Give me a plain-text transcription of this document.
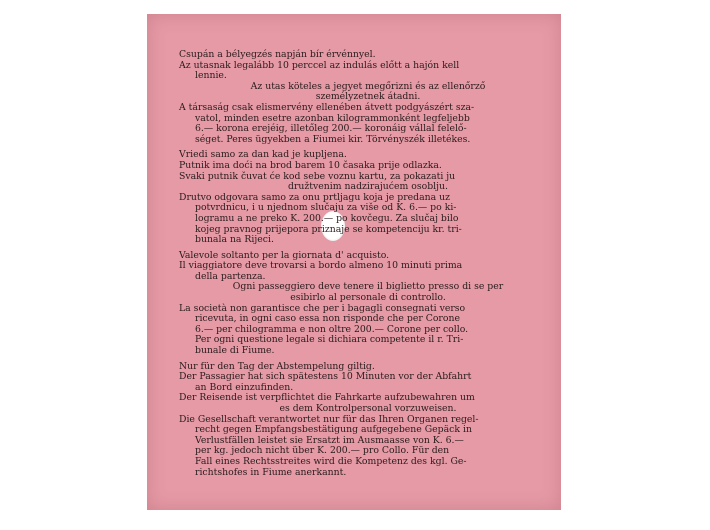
Csupán a bélyegzés napján bír érvénnyel.

Az utasnak legalább 10 perccel az indulás előtt a hajón kell

lennie.

Az utas köteles a jegyet megőrizni és az ellenőrző

személyzetnek átadni.

A társaság csak elismervény ellenében átvett podgyászért sza-

vatol, minden esetre azonban kilogrammonként legfeljebb

6.— korona erejéig, illetőleg 200.— koronáig vállal felelő-

séget. Peres ügyekben a Fiumei kir. Törvényszék illetékes.

Vriedi samo za dan kad je kupljena.

Putnik ima doći na brod barem 10 časaka prije odlazka.

Svaki putnik čuvat će kod sebe voznu kartu, za pokazati ju

družtvenim nadzirajućem osoblju.

Drutvo odgovara samo za onu prtljagu koja je predana uz

potvrdnicu, i u njednom slučaju za više od K. 6.— po ki-

logramu a ne preko K. 200.— po kovčegu. Za slučaj bilo

kojeg pravnog prijepora priznaje se kompetenciju kr. tri-

bunala na Rijeci.

Valevole soltanto per la giornata d' acquisto.

Il viaggiatore deve trovarsi a bordo almeno 10 minuti prima

della partenza.

Ogni passeggiero deve tenere il biglietto presso di se per

esibirlo al personale di controllo.

La società non garantisce che per i bagagli consegnati verso

ricevuta, in ogni caso essa non risponde che per Corone

6.— per chilogramma e non oltre 200.— Corone per collo.

Per ogni questione legale si dichiara competente il r. Tri-

bunale di Fiume.

Nur für den Tag der Abstempelung giltig.

Der Passagier hat sich spätestens 10 Minuten vor der Abfahrt

an Bord einzufinden.

Der Reisende ist verpflichtet die Fahrkarte aufzubewahren um

es dem Kontrolpersonal vorzuweisen.

Die Gesellschaft verantwortet nur für das Ihren Organen regel-

recht gegen Empfangsbestätigung aufgegebene Gepäck in

Verlustfällen leistet sie Ersatzt im Ausmaasse von K. 6.—

per kg. jedoch nicht über K. 200.— pro Collo. Für den

Fall eines Rechtsstreites wird die Kompetenz des kgl. Ge-

richtshofes in Fiume anerkannt.
